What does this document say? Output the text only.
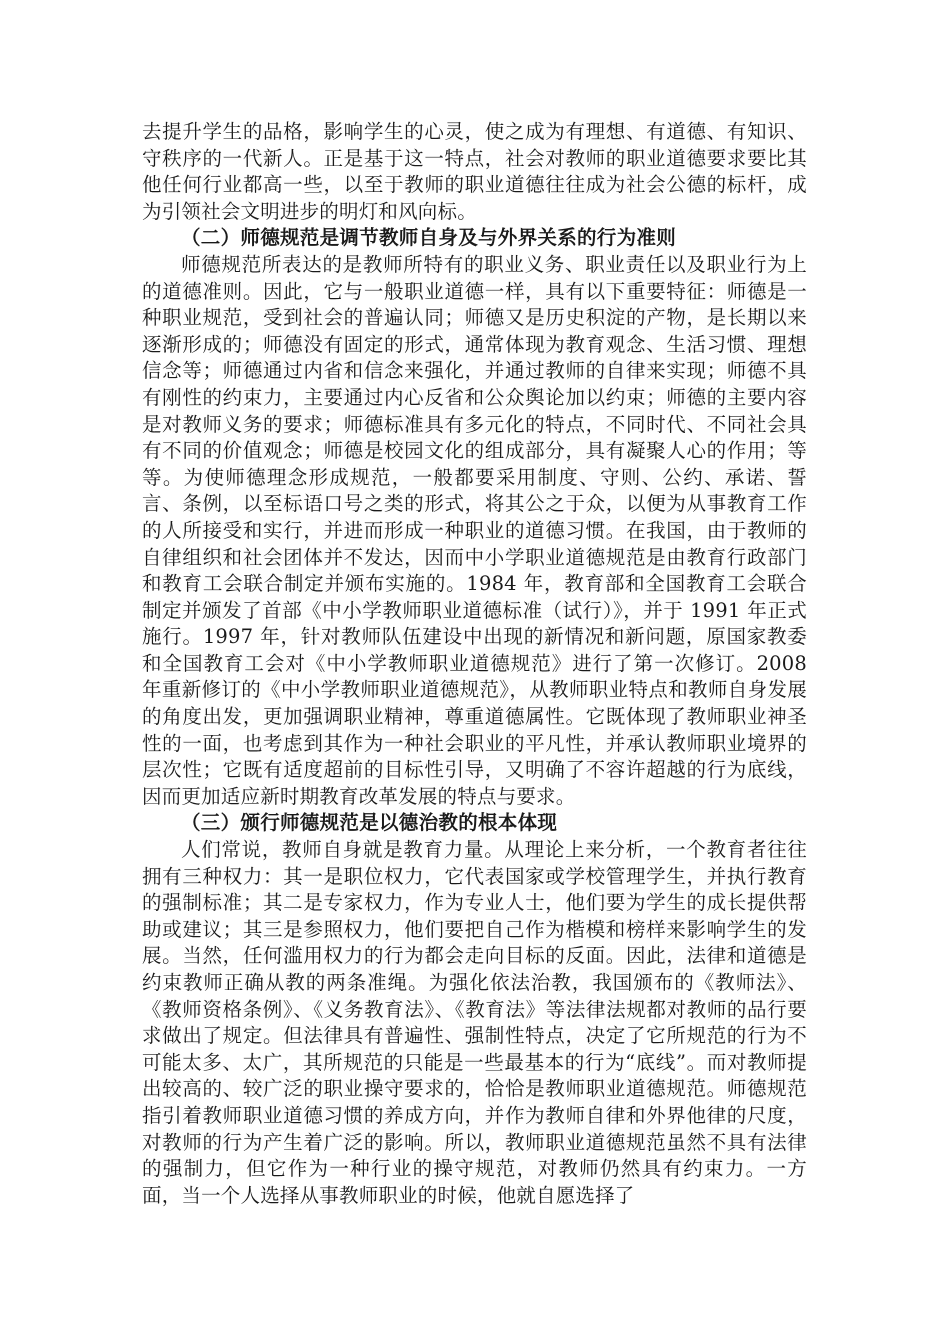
去提升学生的品格，影响学生的心灵，使之成为有理想、有道德、有知识、守秩序的一代新人。正是基于这一特点，社会对教师的职业道德要求要比其他任何行业都高一些，以至于教师的职业道德往往成为社会公德的标杆，成为引领社会文明进步的明灯和风向标。

（二）师德规范是调节教师自身及与外界关系的行为准则

师德规范所表达的是教师所特有的职业义务、职业责任以及职业行为上的道德准则。因此，它与一般职业道德一样，具有以下重要特征：师德是一种职业规范，受到社会的普遍认同；师德又是历史积淀的产物，是长期以来逐渐形成的；师德没有固定的形式，通常体现为教育观念、生活习惯、理想信念等；师德通过内省和信念来强化，并通过教师的自律来实现；师德不具有刚性的约束力，主要通过内心反省和公众舆论加以约束；师德的主要内容是对教师义务的要求；师德标准具有多元化的特点，不同时代、不同社会具有不同的价值观念；师德是校园文化的组成部分，具有凝聚人心的作用；等等。为使师德理念形成规范，一般都要采用制度、守则、公约、承诺、誓言、条例，以至标语口号之类的形式，将其公之于众，以便为从事教育工作的人所接受和实行，并进而形成一种职业的道德习惯。在我国，由于教师的自律组织和社会团体并不发达，因而中小学职业道德规范是由教育行政部门和教育工会联合制定并颁布实施的。1984 年，教育部和全国教育工会联合制定并颁发了首部《中小学教师职业道德标准（试行）》，并于 1991 年正式施行。1997 年，针对教师队伍建设中出现的新情况和新问题，原国家教委和全国教育工会对《中小学教师职业道德规范》进行了第一次修订。2008 年重新修订的《中小学教师职业道德规范》，从教师职业特点和教师自身发展的角度出发，更加强调职业精神，尊重道德属性。它既体现了教师职业神圣性的一面，也考虑到其作为一种社会职业的平凡性，并承认教师职业境界的层次性；它既有适度超前的目标性引导，又明确了不容许超越的行为底线，因而更加适应新时期教育改革发展的特点与要求。

（三）颁行师德规范是以德治教的根本体现

人们常说，教师自身就是教育力量。从理论上来分析，一个教育者往往拥有三种权力：其一是职位权力，它代表国家或学校管理学生，并执行教育的强制标准；其二是专家权力，作为专业人士，他们要为学生的成长提供帮助或建议；其三是参照权力，他们要把自己作为楷模和榜样来影响学生的发展。当然，任何滥用权力的行为都会走向目标的反面。因此，法律和道德是约束教师正确从教的两条准绳。为强化依法治教，我国颁布的《教师法》、《教师资格条例》、《义务教育法》、《教育法》等法律法规都对教师的品行要求做出了规定。但法律具有普遍性、强制性特点，决定了它所规范的行为不可能太多、太广，其所规范的只能是一些最基本的行为“底线”。而对教师提出较高的、较广泛的职业操守要求的，恰恰是教师职业道德规范。师德规范指引着教师职业道德习惯的养成方向，并作为教师自律和外界他律的尺度，对教师的行为产生着广泛的影响。所以，教师职业道德规范虽然不具有法律的强制力，但它作为一种行业的操守规范，对教师仍然具有约束力。一方面，当一个人选择从事教师职业的时候，他就自愿选择了
